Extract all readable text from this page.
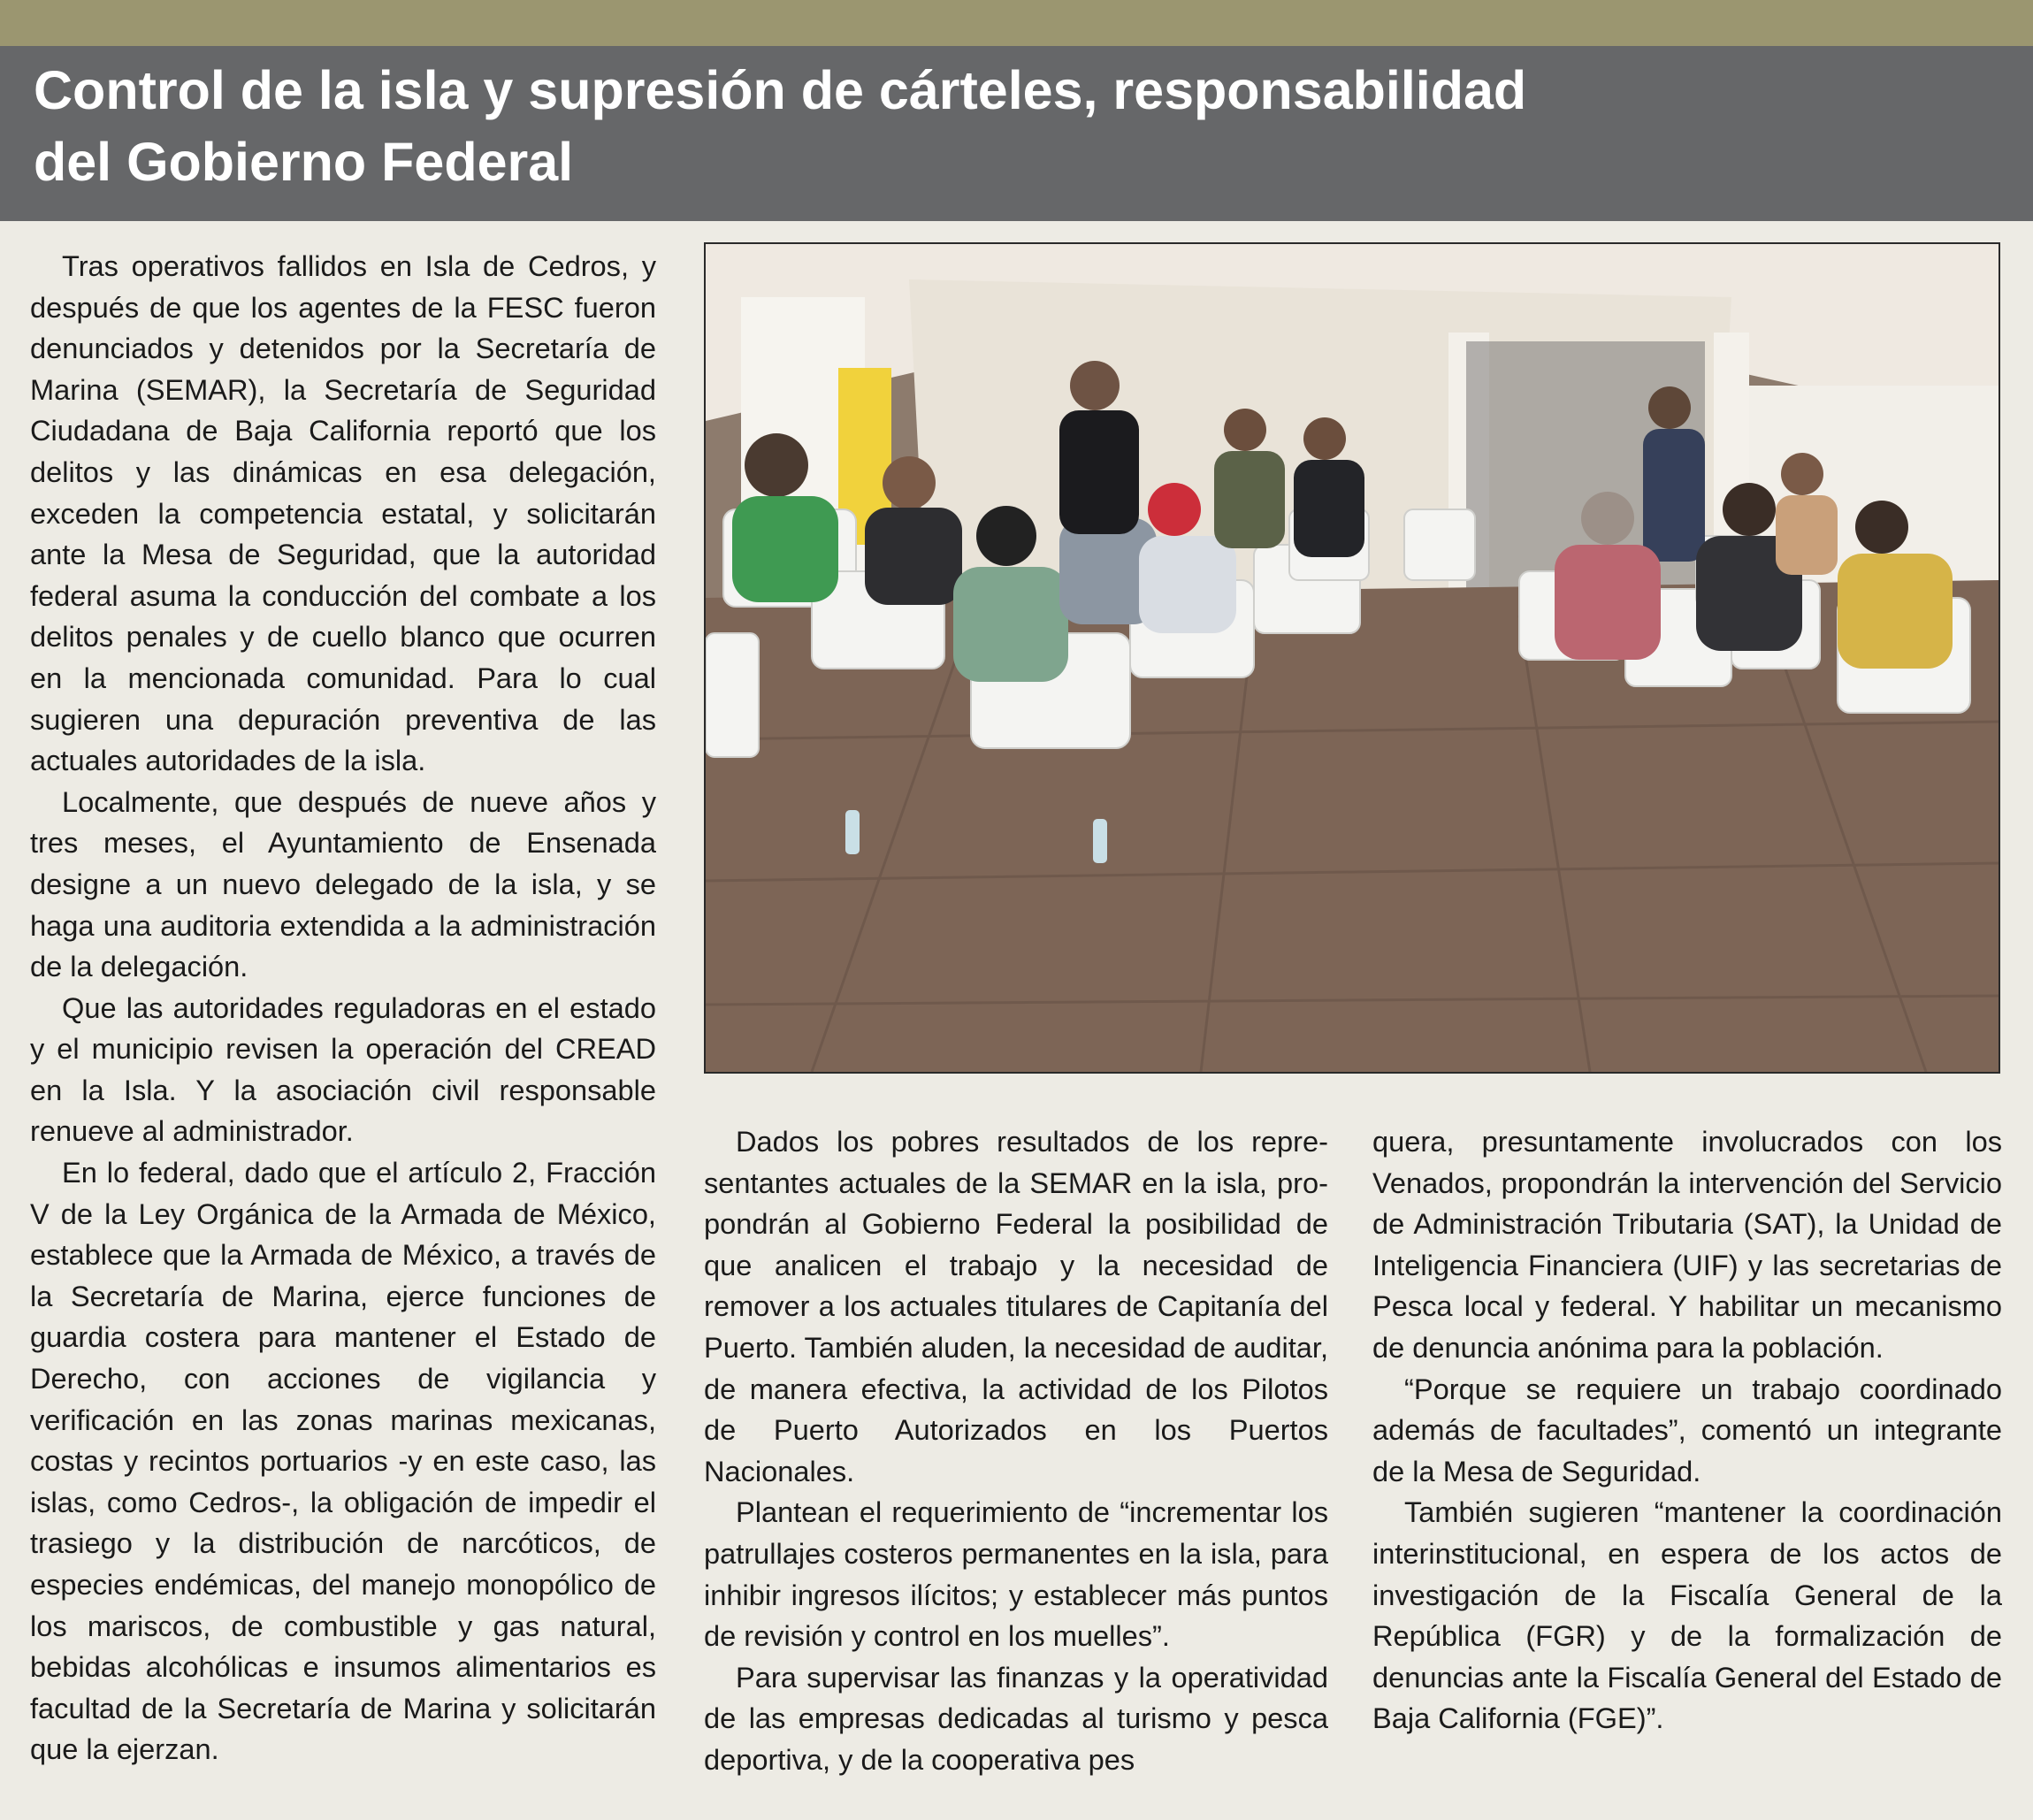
Control de la isla y supresión de cárteles, responsabilidad
del Gobierno Federal

Tras operativos fallidos en Isla de Cedros, y después de que los agentes de la FESC fueron denunciados y detenidos por la Secretaría de Marina (SEMAR), la Secretaría de Seguridad Ciudadana de Baja California reportó que los delitos y las dinámicas en esa delegación, exceden la competencia estatal, y solicitarán ante la Mesa de Seguridad, que la autoridad federal asuma la conducción del combate a los delitos penales y de cuello blanco que ocurren en la mencionada comunidad. Para lo cual sugieren una depuración preventiva de las actuales autoridades de la isla.

Localmente, que después de nueve años y tres meses, el Ayuntamiento de Ensenada designe a un nuevo delegado de la isla, y se haga una auditoria extendida a la administración de la delegación.

Que las autoridades reguladoras en el estado y el municipio revisen la operación del CREAD en la Isla. Y la asociación civil responsable renueve al administrador.

En lo federal, dado que el artículo 2, Fracción V de la Ley Orgánica de la Armada de México, establece que la Armada de México, a través de la Secretaría de Marina, ejerce funciones de guardia costera para mantener el Estado de Derecho, con acciones de vigilancia y verificación en las zonas marinas mexicanas, costas y recintos portuarios -y en este caso, las islas, como Cedros-, la obligación de impedir el trasiego y la distribución de narcóticos, de especies endémicas, del manejo monopólico de los mariscos, de combustible y gas natural, bebidas alcohólicas e insumos alimentarios es facultad de la Secretaría de Marina y solicitarán que la ejerzan.

Dados los pobres resultados de los representantes actuales de la SEMAR en la isla, propondrán al Gobierno Federal la posibilidad de que analicen el trabajo y la necesidad de remover a los actuales titulares de Capitanía del Puerto. También aluden, la necesidad de auditar, de manera efectiva, la actividad de los Pilotos de Puerto Autorizados en los Puertos Nacionales.

Plantean el requerimiento de “incrementar los patrullajes costeros permanentes en la isla, para inhibir ingresos ilícitos; y establecer más puntos de revisión y control en los muelles”.

Para supervisar las finanzas y la operatividad de las empresas dedicadas al turismo y pesca deportiva, y de la cooperativa pes

quera, presuntamente involucrados con los Venados, propondrán la intervención del Servicio de Administración Tributaria (SAT), la Unidad de Inteligencia Financiera (UIF) y las secretarias de Pesca local y federal. Y habilitar un mecanismo de denuncia anónima para la población.

“Porque se requiere un trabajo coordinado además de facultades”, comentó un integrante de la Mesa de Seguridad.

También sugieren “mantener la coordinación interinstitucional, en espera de los actos de investigación de la Fiscalía General de la República (FGR) y de la formalización de denuncias ante la Fiscalía General del Estado de Baja California (FGE)”.
